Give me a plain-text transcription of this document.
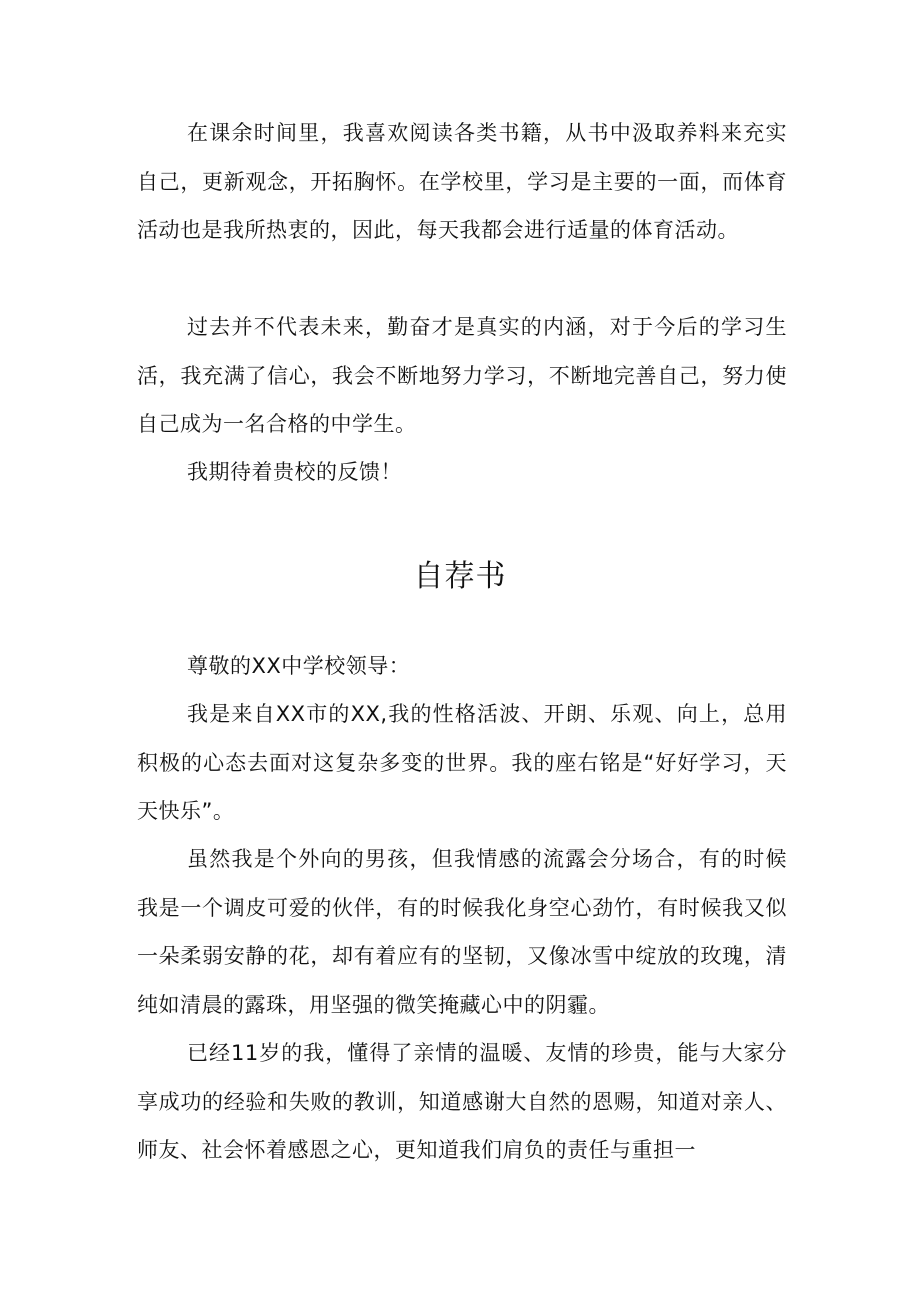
在课余时间里，我喜欢阅读各类书籍，从书中汲取养料来充实自己，更新观念，开拓胸怀。在学校里，学习是主要的一面，而体育活动也是我所热衷的，因此，每天我都会进行适量的体育活动。

过去并不代表未来，勤奋才是真实的内涵，对于今后的学习生活，我充满了信心，我会不断地努力学习，不断地完善自己，努力使自己成为一名合格的中学生。

我期待着贵校的反馈！

自荐书

尊敬的XX中学校领导：

我是来自XX市的XX,我的性格活波、开朗、乐观、向上，总用积极的心态去面对这复杂多变的世界。我的座右铭是“好好学习，天天快乐”。

虽然我是个外向的男孩，但我情感的流露会分场合，有的时候我是一个调皮可爱的伙伴，有的时候我化身空心劲竹，有时候我又似一朵柔弱安静的花，却有着应有的坚韧，又像冰雪中绽放的玫瑰，清纯如清晨的露珠，用坚强的微笑掩藏心中的阴霾。

已经11岁的我，懂得了亲情的温暖、友情的珍贵，能与大家分享成功的经验和失败的教训，知道感谢大自然的恩赐，知道对亲人、师友、社会怀着感恩之心，更知道我们肩负的责任与重担一
